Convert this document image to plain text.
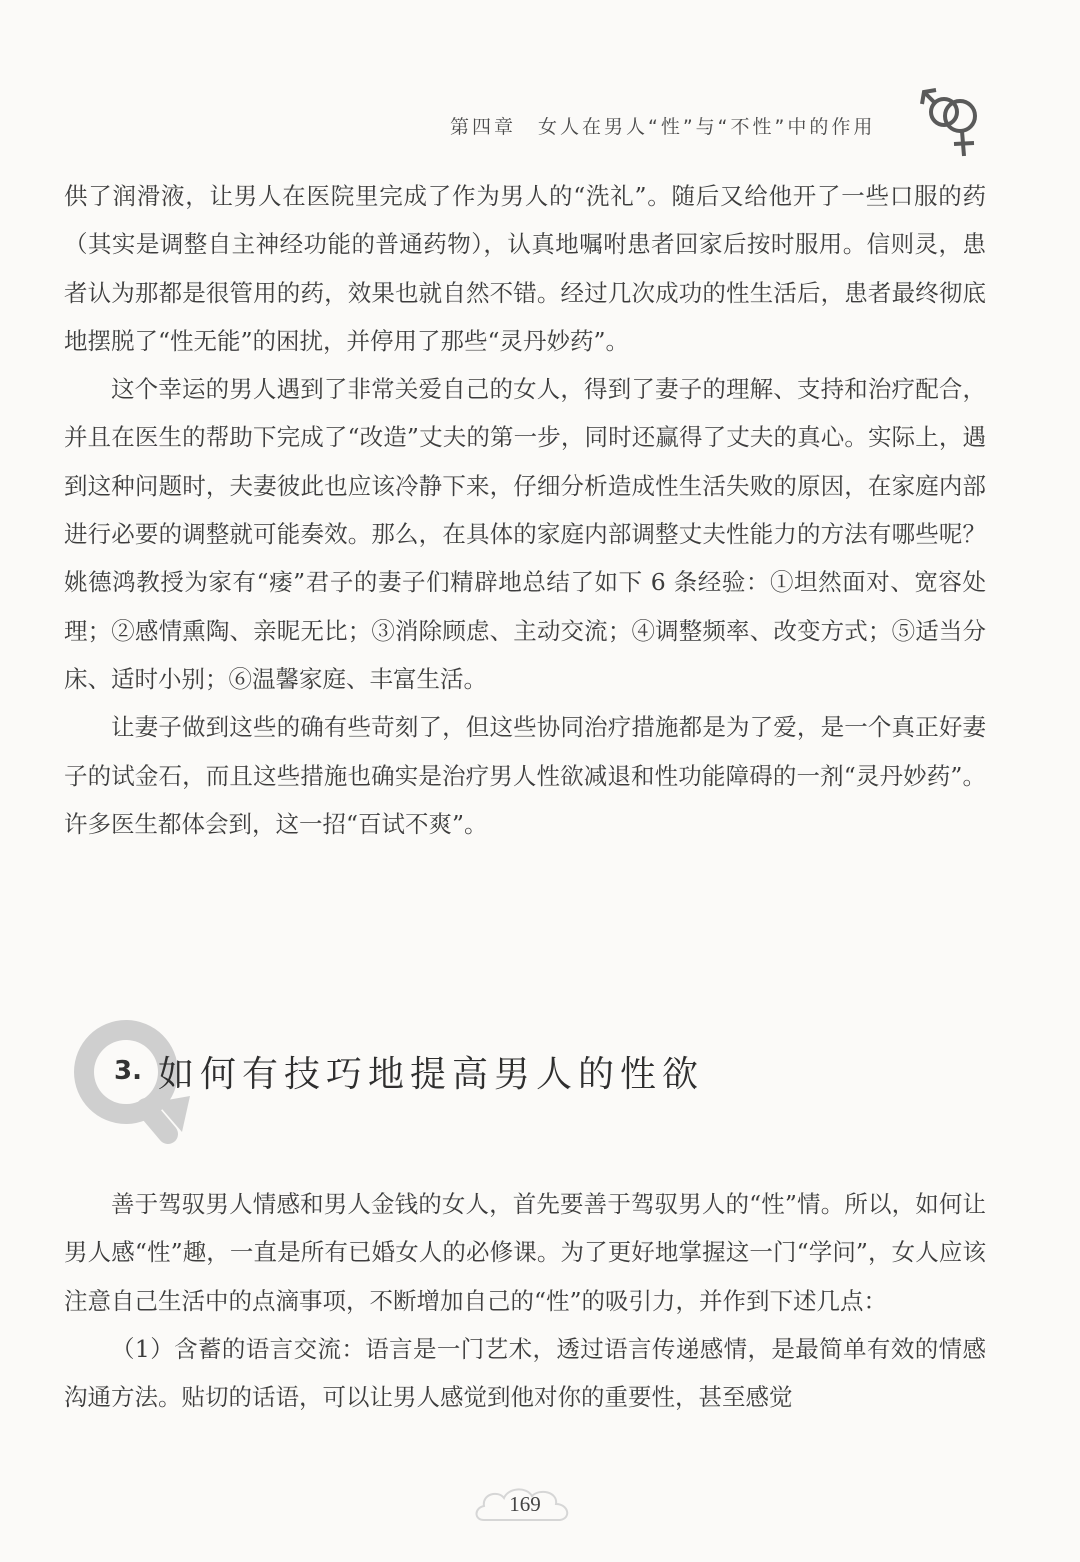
第四章　女人在男人“性”与“不性”中的作用

供了润滑液，让男人在医院里完成了作为男人的“洗礼”。随后又给他开了一些口服的药（其实是调整自主神经功能的普通药物），认真地嘱咐患者回家后按时服用。信则灵，患者认为那都是很管用的药，效果也就自然不错。经过几次成功的性生活后，患者最终彻底地摆脱了“性无能”的困扰，并停用了那些“灵丹妙药”。

这个幸运的男人遇到了非常关爱自己的女人，得到了妻子的理解、支持和治疗配合，并且在医生的帮助下完成了“改造”丈夫的第一步，同时还赢得了丈夫的真心。实际上，遇到这种问题时，夫妻彼此也应该冷静下来，仔细分析造成性生活失败的原因，在家庭内部进行必要的调整就可能奏效。那么，在具体的家庭内部调整丈夫性能力的方法有哪些呢？姚德鸿教授为家有“痿”君子的妻子们精辟地总结了如下 6 条经验：①坦然面对、宽容处理；②感情熏陶、亲昵无比；③消除顾虑、主动交流；④调整频率、改变方式；⑤适当分床、适时小别；⑥温馨家庭、丰富生活。

让妻子做到这些的确有些苛刻了，但这些协同治疗措施都是为了爱，是一个真正好妻子的试金石，而且这些措施也确实是治疗男人性欲减退和性功能障碍的一剂“灵丹妙药”。许多医生都体会到，这一招“百试不爽”。

3. 如何有技巧地提高男人的性欲

善于驾驭男人情感和男人金钱的女人，首先要善于驾驭男人的“性”情。所以，如何让男人感“性”趣，一直是所有已婚女人的必修课。为了更好地掌握这一门“学问”，女人应该注意自己生活中的点滴事项，不断增加自己的“性”的吸引力，并作到下述几点：

（1）含蓄的语言交流：语言是一门艺术，透过语言传递感情，是最简单有效的情感沟通方法。贴切的话语，可以让男人感觉到他对你的重要性，甚至感觉

169
